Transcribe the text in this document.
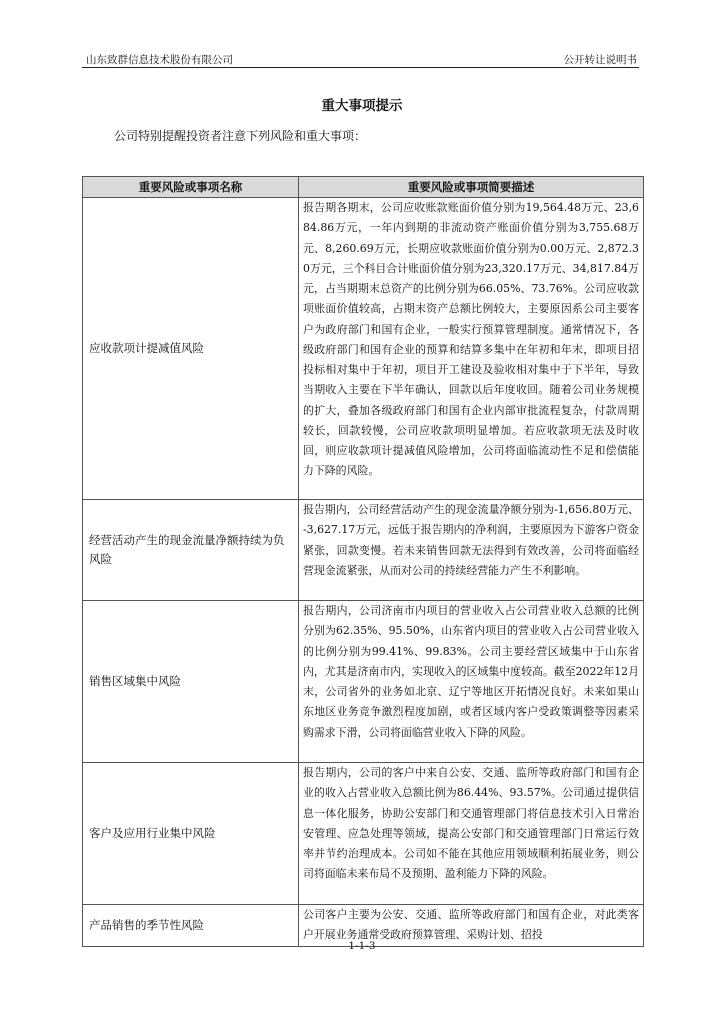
山东致群信息技术股份有限公司	公开转让说明书
重大事项提示
公司特别提醒投资者注意下列风险和重大事项：
重要风险或事项名称	重要风险或事项简要描述
应收款项计提减值风险	报告期各期末，公司应收账款账面价值分别为19,564.48万元、23,684.86万元，一年内到期的非流动资产账面价值分别为3,755.68万元、8,260.69万元，长期应收款账面价值分别为0.00万元、2,872.30万元，三个科目合计账面价值分别为23,320.17万元、34,817.84万元，占当期期末总资产的比例分别为66.05%、73.76%。公司应收款项账面价值较高，占期末资产总额比例较大，主要原因系公司主要客户为政府部门和国有企业，一般实行预算管理制度。通常情况下，各级政府部门和国有企业的预算和结算多集中在年初和年末，即项目招投标相对集中于年初，项目开工建设及验收相对集中于下半年，导致当期收入主要在下半年确认，回款以后年度收回。随着公司业务规模的扩大，叠加各级政府部门和国有企业内部审批流程复杂，付款周期较长，回款较慢，公司应收款项明显增加。若应收款项无法及时收回，则应收款项计提减值风险增加，公司将面临流动性不足和偿债能力下降的风险。
经营活动产生的现金流量净额持续为负风险	报告期内，公司经营活动产生的现金流量净额分别为-1,656.80万元、-3,627.17万元，远低于报告期内的净利润，主要原因为下游客户资金紧张，回款变慢。若未来销售回款无法得到有效改善，公司将面临经营现金流紧张，从而对公司的持续经营能力产生不利影响。
销售区域集中风险	报告期内，公司济南市内项目的营业收入占公司营业收入总额的比例分别为62.35%、95.50%，山东省内项目的营业收入占公司营业收入的比例分别为99.41%、99.83%。公司主要经营区域集中于山东省内，尤其是济南市内，实现收入的区域集中度较高。截至2022年12月末，公司省外的业务如北京、辽宁等地区开拓情况良好。未来如果山东地区业务竞争激烈程度加剧，或者区域内客户受政策调整等因素采购需求下滑，公司将面临营业收入下降的风险。
客户及应用行业集中风险	报告期内，公司的客户中来自公安、交通、监所等政府部门和国有企业的收入占营业收入总额比例为86.44%、93.57%。公司通过提供信息一体化服务，协助公安部门和交通管理部门将信息技术引入日常治安管理、应急处理等领域，提高公安部门和交通管理部门日常运行效率并节约治理成本。公司如不能在其他应用领域顺利拓展业务，则公司将面临未来布局不及预期、盈利能力下降的风险。
产品销售的季节性风险	公司客户主要为公安、交通、监所等政府部门和国有企业，对此类客户开展业务通常受政府预算管理、采购计划、招投
1-1-3
